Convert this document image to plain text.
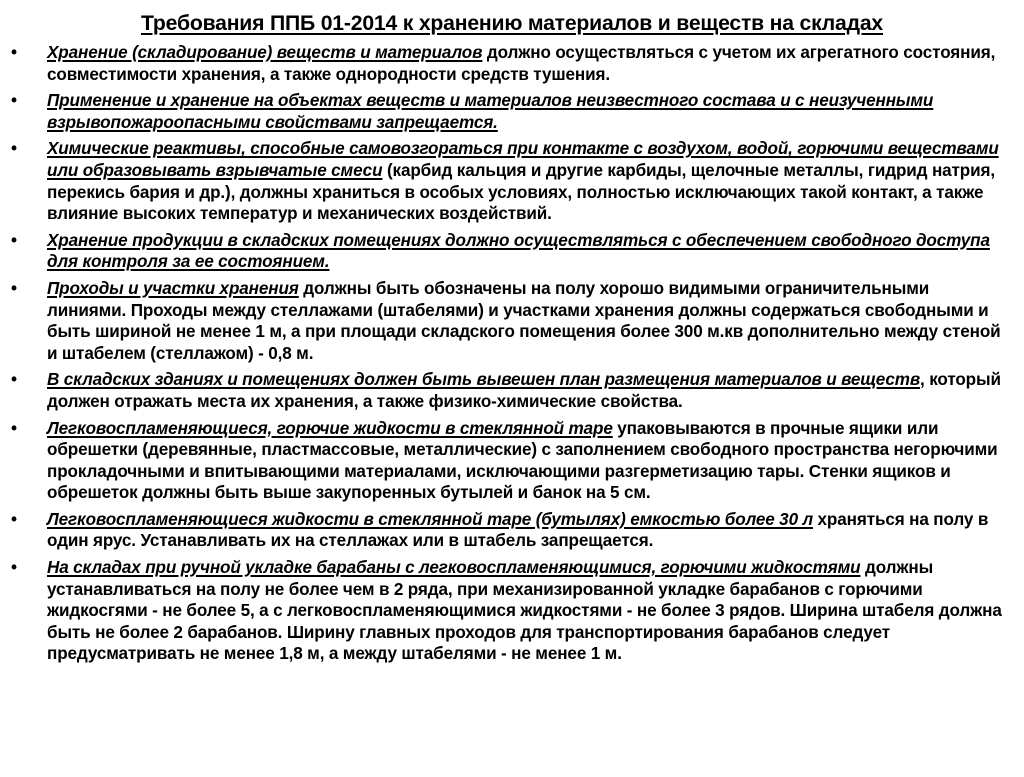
Требования ППБ 01-2014 к хранению материалов и веществ на складах
•	Хранение (складирование) веществ и материалов должно осуществляться с учетом их агрегатного состояния, совместимости хранения, а также однородности средств тушения.
•	Применение и хранение на объектах веществ и материалов неизвестного состава и с неизученными взрывопожароопасными свойствами запрещается.
•	Химические реактивы, способные самовозгораться при контакте с воздухом, водой, горючими веществами или образовывать взрывчатые смеси (карбид кальция и другие карбиды, щелочные металлы, гидрид натрия, перекись бария и др.), должны храниться в особых условиях, полностью исключающих такой контакт, а также влияние высоких температур и механических воздействий.
•	Хранение продукции в складских помещениях должно осуществляться с обеспечением свободного доступа для контроля за ее состоянием.
•	Проходы и участки хранения должны быть обозначены на полу хорошо видимыми ограничительными линиями. Проходы между стеллажами (штабелями) и участками хранения должны содержаться свободными и быть шириной не менее 1 м, а при площади складского помещения более 300 м.кв дополнительно между стеной и штабелем (стеллажом) - 0,8 м.
•	В складских зданиях и помещениях должен быть вывешен план размещения материалов и веществ, который должен отражать места их хранения, а также физико-химические свойства.
•	Легковоспламеняющиеся, горючие жидкости в стеклянной таре упаковываются в прочные ящики или обрешетки (деревянные, пластмассовые, металлические) с заполнением свободного пространства негорючими прокладочными и впитывающими материалами, исключающими разгерметизацию тары. Стенки ящиков и обрешеток должны быть выше закупоренных бутылей и банок на 5 см.
•	Легковоспламеняющиеся жидкости в стеклянной таре (бутылях) емкостью более 30 л храняться на полу в один ярус. Устанавливать их на стеллажах или в штабель запрещается.
•	На складах при ручной укладке барабаны с легковоспламеняющимися, горючими жидкостями должны устанавливаться на полу не более чем в 2 ряда, при механизированной укладке барабанов с горючими жидкосгями - не более 5, а с легковоспламеняющимися жидкостями - не более 3 рядов. Ширина штабеля должна быть не более 2 барабанов. Ширину главных проходов для транспортирования барабанов следует предусматривать не менее 1,8 м, а между штабелями - не менее 1 м.
